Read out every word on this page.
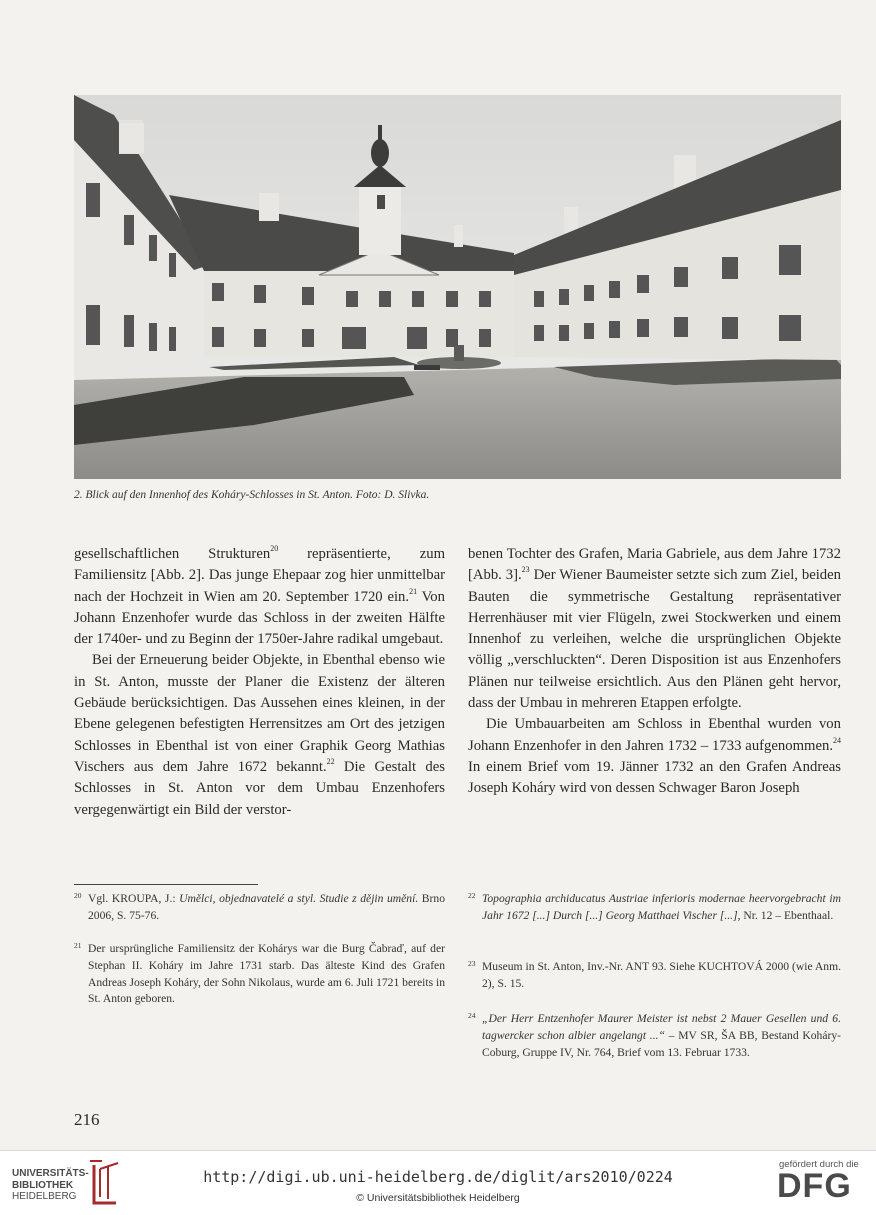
2. Blick auf den Innenhof des Koháry-Schlosses in St. Anton. Foto: D. Slivka.

gesellschaftlichen Strukturen$^{20}$ repräsentierte, zum Familiensitz [Abb. 2]. Das junge Ehepaar zog hier unmittelbar nach der Hochzeit in Wien am 20. September 1720 ein.$^{21}$ Von Johann Enzenhofer wurde das Schloss in der zweiten Hälfte der 1740er- und zu Beginn der 1750er-Jahre radikal umgebaut.

Bei der Erneuerung beider Objekte, in Ebenthal ebenso wie in St. Anton, musste der Planer die Existenz der älteren Gebäude berücksichtigen. Das Aussehen eines kleinen, in der Ebene gelegenen befestigten Herrensitzes am Ort des jetzigen Schlosses in Ebenthal ist von einer Graphik Georg Mathias Vischers aus dem Jahre 1672 bekannt.$^{22}$ Die Gestalt des Schlosses in St. Anton vor dem Umbau Enzenhofers vergegenwärtigt ein Bild der verstor-

benen Tochter des Grafen, Maria Gabriele, aus dem Jahre 1732 [Abb. 3].$^{23}$ Der Wiener Baumeister setzte sich zum Ziel, beiden Bauten die symmetrische Gestaltung repräsentativer Herrenhäuser mit vier Flügeln, zwei Stockwerken und einem Innenhof zu verleihen, welche die ursprünglichen Objekte völlig „verschluckten“. Deren Disposition ist aus Enzenhofers Plänen nur teilweise ersichtlich. Aus den Plänen geht hervor, dass der Umbau in mehreren Etappen erfolgte.

Die Umbauarbeiten am Schloss in Ebenthal wurden von Johann Enzenhofer in den Jahren 1732 – 1733 aufgenommen.$^{24}$ In einem Brief vom 19. Jänner 1732 an den Grafen Andreas Joseph Koháry wird von dessen Schwager Baron Joseph

20 Vgl. KROUPA, J.: Umělci, objednavatelé a styl. Studie z dějin umění. Brno 2006, S. 75-76.
21 Der ursprüngliche Familiensitz der Kohárys war die Burg Čabraď, auf der Stephan II. Koháry im Jahre 1731 starb. Das älteste Kind des Grafen Andreas Joseph Koháry, der Sohn Nikolaus, wurde am 6. Juli 1721 bereits in St. Anton geboren.
22 Topographia archiducatus Austriae inferioris modernae heervorgebracht im Jahr 1672 [...] Durch [...] Georg Matthaei Vischer [...], Nr. 12 – Ebenthaal.
23 Museum in St. Anton, Inv.-Nr. ANT 93. Siehe KUCHTOVÁ 2000 (wie Anm. 2), S. 15.
24 „Der Herr Entzenhofer Maurer Meister ist nebst 2 Mauer Gesellen und 6. tagwercker schon albier angelangt ...“ – MV SR, ŠA BB, Bestand Koháry-Coburg, Gruppe IV, Nr. 764, Brief vom 13. Februar 1733.
216
UNIVERSITÄTS-
BIBLIOTHEK
HEIDELBERG
http://digi.ub.uni-heidelberg.de/diglit/ars2010/0224
© Universitätsbibliothek Heidelberg
gefördert durch die
DFG
